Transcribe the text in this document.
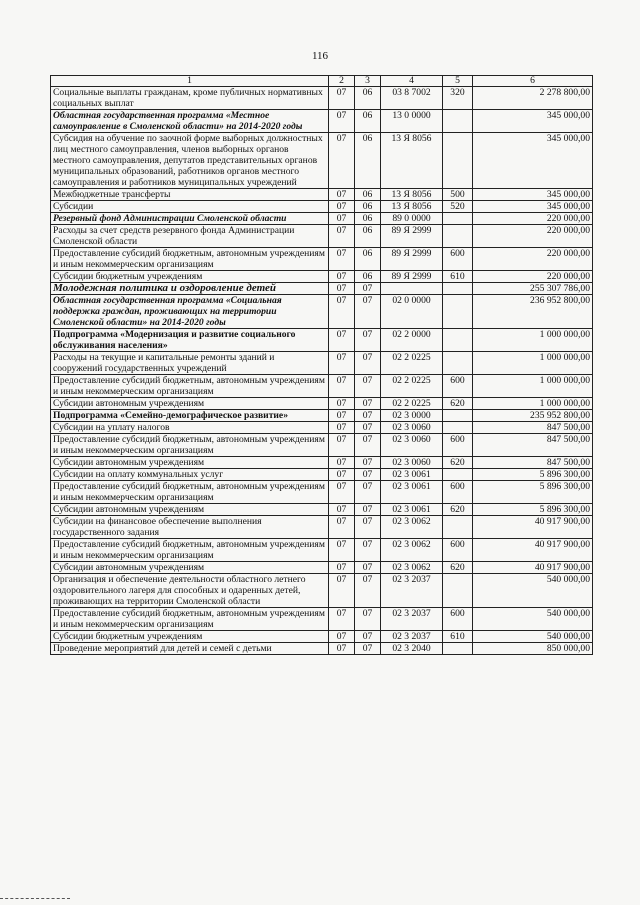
116
1	2	3	4	5	6
Социальные выплаты гражданам, кроме публичных нормативных социальных выплат	07	06	03 8 7002	320	2 278 800,00
Областная государственная программа «Местное самоуправление в Смоленской области» на 2014-2020 годы	07	06	13 0 0000		345 000,00
Субсидия на обучение по заочной форме выборных должностных лиц местного самоуправления, членов выборных органов местного самоуправления, депутатов представительных органов муниципальных образований, работников органов местного самоуправления и работников муниципальных учреждений	07	06	13 Я 8056		345 000,00
Межбюджетные трансферты	07	06	13 Я 8056	500	345 000,00
Субсидии	07	06	13 Я 8056	520	345 000,00
Резервный фонд Администрации Смоленской области	07	06	89 0 0000		220 000,00
Расходы за счет средств резервного фонда Администрации Смоленской области	07	06	89 Я 2999		220 000,00
Предоставление субсидий бюджетным, автономным учреждениям и иным некоммерческим организациям	07	06	89 Я 2999	600	220 000,00
Субсидии бюджетным учреждениям	07	06	89 Я 2999	610	220 000,00
Молодежная политика и оздоровление детей	07	07			255 307 786,00
Областная государственная программа «Социальная поддержка граждан, проживающих на территории Смоленской области» на 2014-2020 годы	07	07	02 0 0000		236 952 800,00
Подпрограмма «Модернизация и развитие социального обслуживания населения»	07	07	02 2 0000		1 000 000,00
Расходы на текущие и капитальные ремонты зданий и сооружений государственных учреждений	07	07	02 2 0225		1 000 000,00
Предоставление субсидий бюджетным, автономным учреждениям и иным некоммерческим организациям	07	07	02 2 0225	600	1 000 000,00
Субсидии автономным учреждениям	07	07	02 2 0225	620	1 000 000,00
Подпрограмма «Семейно-демографическое развитие»	07	07	02 3 0000		235 952 800,00
Субсидии на уплату налогов	07	07	02 3 0060		847 500,00
Предоставление субсидий бюджетным, автономным учреждениям и иным некоммерческим организациям	07	07	02 3 0060	600	847 500,00
Субсидии автономным учреждениям	07	07	02 3 0060	620	847 500,00
Субсидии на оплату коммунальных услуг	07	07	02 3 0061		5 896 300,00
Предоставление субсидий бюджетным, автономным учреждениям и иным некоммерческим организациям	07	07	02 3 0061	600	5 896 300,00
Субсидии автономным учреждениям	07	07	02 3 0061	620	5 896 300,00
Субсидии на финансовое обеспечение выполнения государственного задания	07	07	02 3 0062		40 917 900,00
Предоставление субсидий бюджетным, автономным учреждениям и иным некоммерческим организациям	07	07	02 3 0062	600	40 917 900,00
Субсидии автономным учреждениям	07	07	02 3 0062	620	40 917 900,00
Организация и обеспечение деятельности областного летнего оздоровительного лагеря для способных и одаренных детей, проживающих на территории Смоленской области	07	07	02 3 2037		540 000,00
Предоставление субсидий бюджетным, автономным учреждениям и иным некоммерческим организациям	07	07	02 3 2037	600	540 000,00
Субсидии бюджетным учреждениям	07	07	02 3 2037	610	540 000,00
Проведение мероприятий для детей и семей с детьми	07	07	02 3 2040		850 000,00
